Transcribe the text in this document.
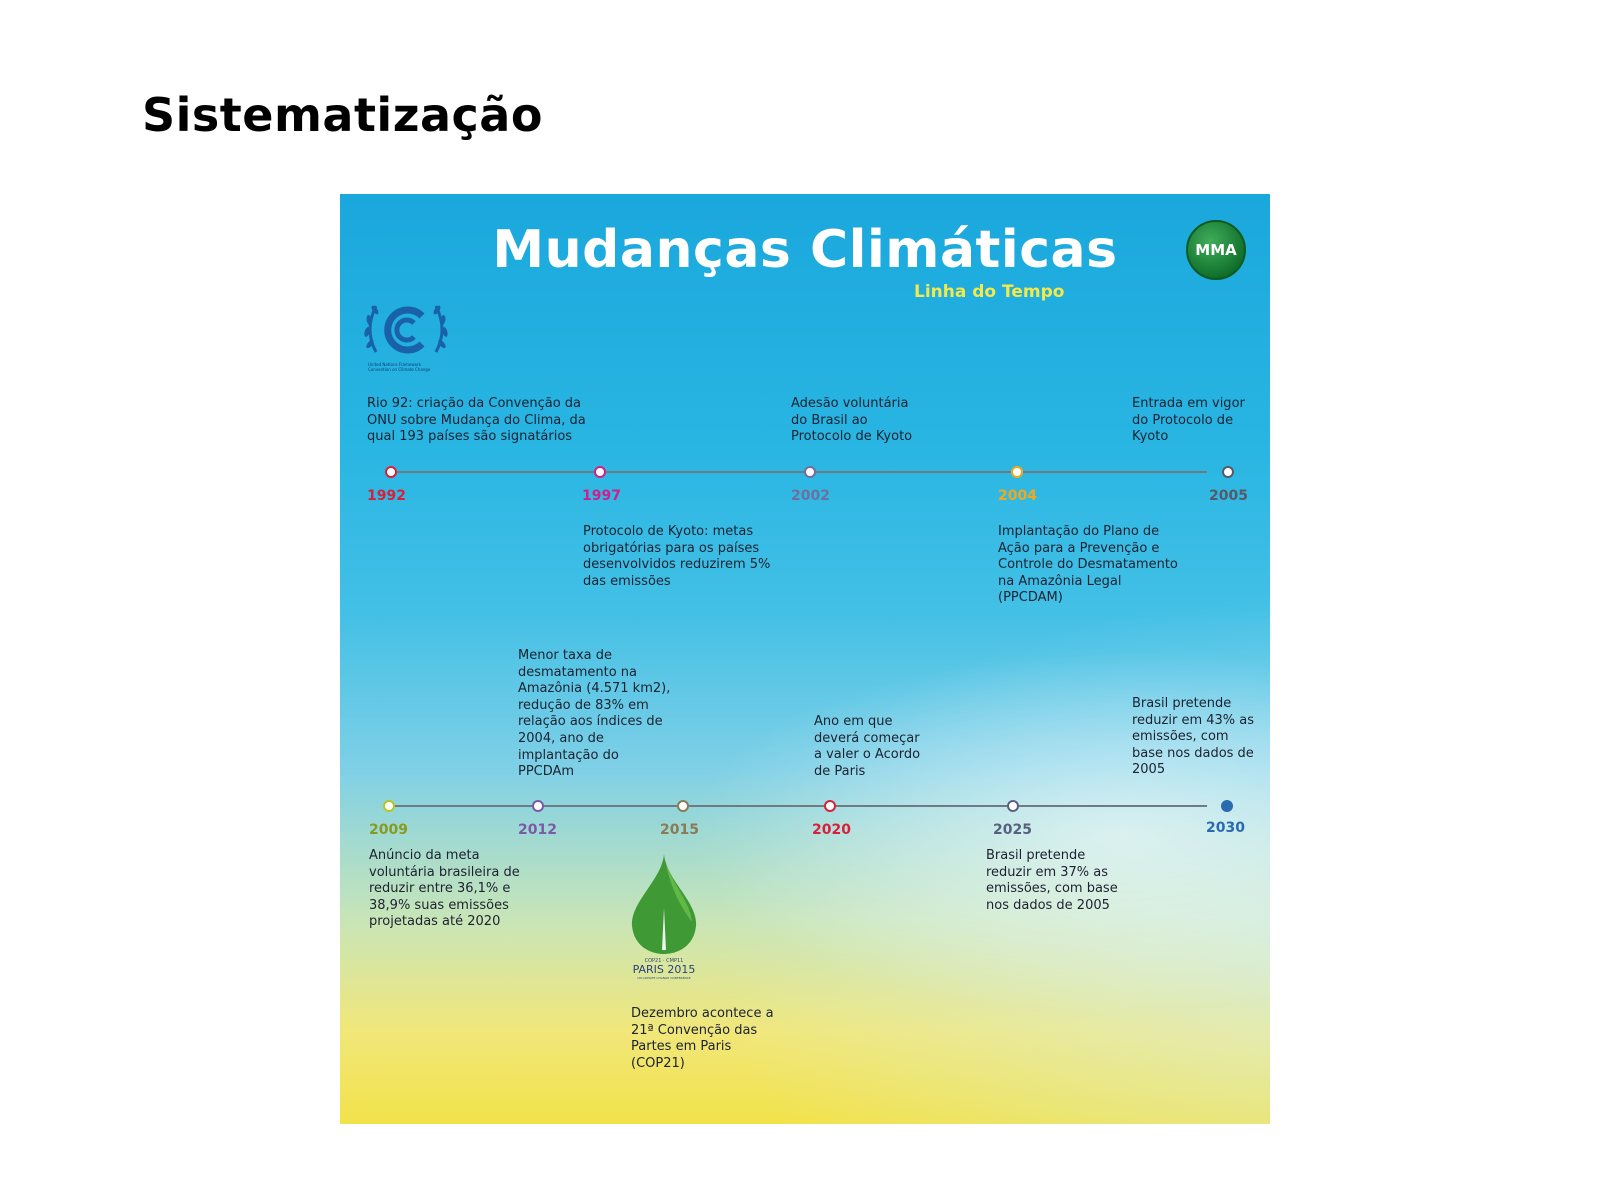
Sistematização
Mudanças Climáticas
Linha do Tempo
MMA
United Nations Framework Convention on Climate Change
1992
Rio 92: criação da Convenção da ONU sobre Mudança do Clima, da qual 193 países são signatários
1997
Protocolo de Kyoto: metas obrigatórias para os países desenvolvidos reduzirem 5% das emissões
2002
Adesão voluntária do Brasil ao Protocolo de Kyoto
2004
Implantação do Plano de Ação para a Prevenção e Controle do Desmatamento na Amazônia Legal (PPCDAM)
2005
Entrada em vigor do Protocolo de Kyoto
2009
Anúncio da meta voluntária brasileira de reduzir entre 36,1% e 38,9% suas emissões projetadas até 2020
2012
Menor taxa de desmatamento na Amazônia (4.571 km2), redução de 83% em relação aos índices de 2004, ano de implantação do PPCDAm
2015
Dezembro acontece a 21ª Convenção das Partes em Paris (COP21)
2020
Ano em que deverá começar a valer o Acordo de Paris
2025
Brasil pretende reduzir em 37% as emissões, com base nos dados de 2005
2030
Brasil pretende reduzir em 43% as emissões, com base nos dados de 2005
COP21 · CMP11
PARIS 2015
UN CLIMATE CHANGE CONFERENCE
